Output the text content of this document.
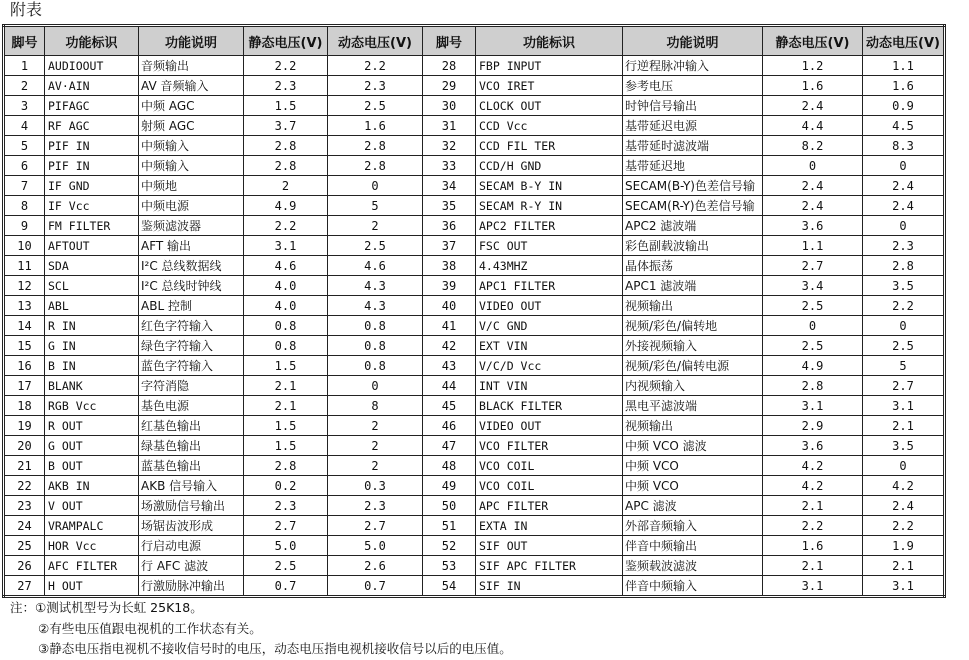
附表
脚号	功能标识	功能说明	静态电压(V)	动态电压(V)	脚号	功能标识	功能说明	静态电压(V)	动态电压(V)
1	AUDIOOUT	音频输出	2.2	2.2	28	FBP INPUT	行逆程脉冲输入	1.2	1.1
2	AV·AIN	AV 音频输入	2.3	2.3	29	VCO IRET	参考电压	1.6	1.6
3	PIFAGC	中频 AGC	1.5	2.5	30	CLOCK OUT	时钟信号输出	2.4	0.9
4	RF AGC	射频 AGC	3.7	1.6	31	CCD Vcc	基带延迟电源	4.4	4.5
5	PIF IN	中频输入	2.8	2.8	32	CCD FIL TER	基带延时滤波端	8.2	8.3
6	PIF IN	中频输入	2.8	2.8	33	CCD/H GND	基带延迟地	0	0
7	IF GND	中频地	2	0	34	SECAM B-Y IN	SECAM(B-Y)色差信号输	2.4	2.4
8	IF Vcc	中频电源	4.9	5	35	SECAM R-Y IN	SECAM(R-Y)色差信号输	2.4	2.4
9	FM FILTER	鉴频滤波器	2.2	2	36	APC2 FILTER	APC2 滤波端	3.6	0
10	AFTOUT	AFT 输出	3.1	2.5	37	FSC OUT	彩色副载波输出	1.1	2.3
11	SDA	I²C 总线数据线	4.6	4.6	38	4.43MHZ	晶体振荡	2.7	2.8
12	SCL	I²C 总线时钟线	4.0	4.3	39	APC1 FILTER	APC1 滤波端	3.4	3.5
13	ABL	ABL 控制	4.0	4.3	40	VIDEO OUT	视频输出	2.5	2.2
14	R IN	红色字符输入	0.8	0.8	41	V/C GND	视频/彩色/偏转地	0	0
15	G IN	绿色字符输入	0.8	0.8	42	EXT VIN	外接视频输入	2.5	2.5
16	B IN	蓝色字符输入	1.5	0.8	43	V/C/D Vcc	视频/彩色/偏转电源	4.9	5
17	BLANK	字符消隐	2.1	0	44	INT VIN	内视频输入	2.8	2.7
18	RGB Vcc	基色电源	2.1	8	45	BLACK FILTER	黑电平滤波端	3.1	3.1
19	R OUT	红基色输出	1.5	2	46	VIDEO OUT	视频输出	2.9	2.1
20	G OUT	绿基色输出	1.5	2	47	VCO FILTER	中频 VCO 滤波	3.6	3.5
21	B OUT	蓝基色输出	2.8	2	48	VCO COIL	中频 VCO	4.2	0
22	AKB IN	AKB 信号输入	0.2	0.3	49	VCO COIL	中频 VCO	4.2	4.2
23	V OUT	场激励信号输出	2.3	2.3	50	APC FILTER	APC 滤波	2.1	2.4
24	VRAMPALC	场锯齿波形成	2.7	2.7	51	EXTA IN	外部音频输入	2.2	2.2
25	HOR Vcc	行启动电源	5.0	5.0	52	SIF OUT	伴音中频输出	1.6	1.9
26	AFC FILTER	行 AFC 滤波	2.5	2.6	53	SIF APC FILTER	鉴频载波滤波	2.1	2.1
27	H OUT	行激励脉冲输出	0.7	0.7	54	SIF IN	伴音中频输入	3.1	3.1
注：①测试机型号为长虹 25K18。
②有些电压值跟电视机的工作状态有关。
③静态电压指电视机不接收信号时的电压，动态电压指电视机接收信号以后的电压值。
